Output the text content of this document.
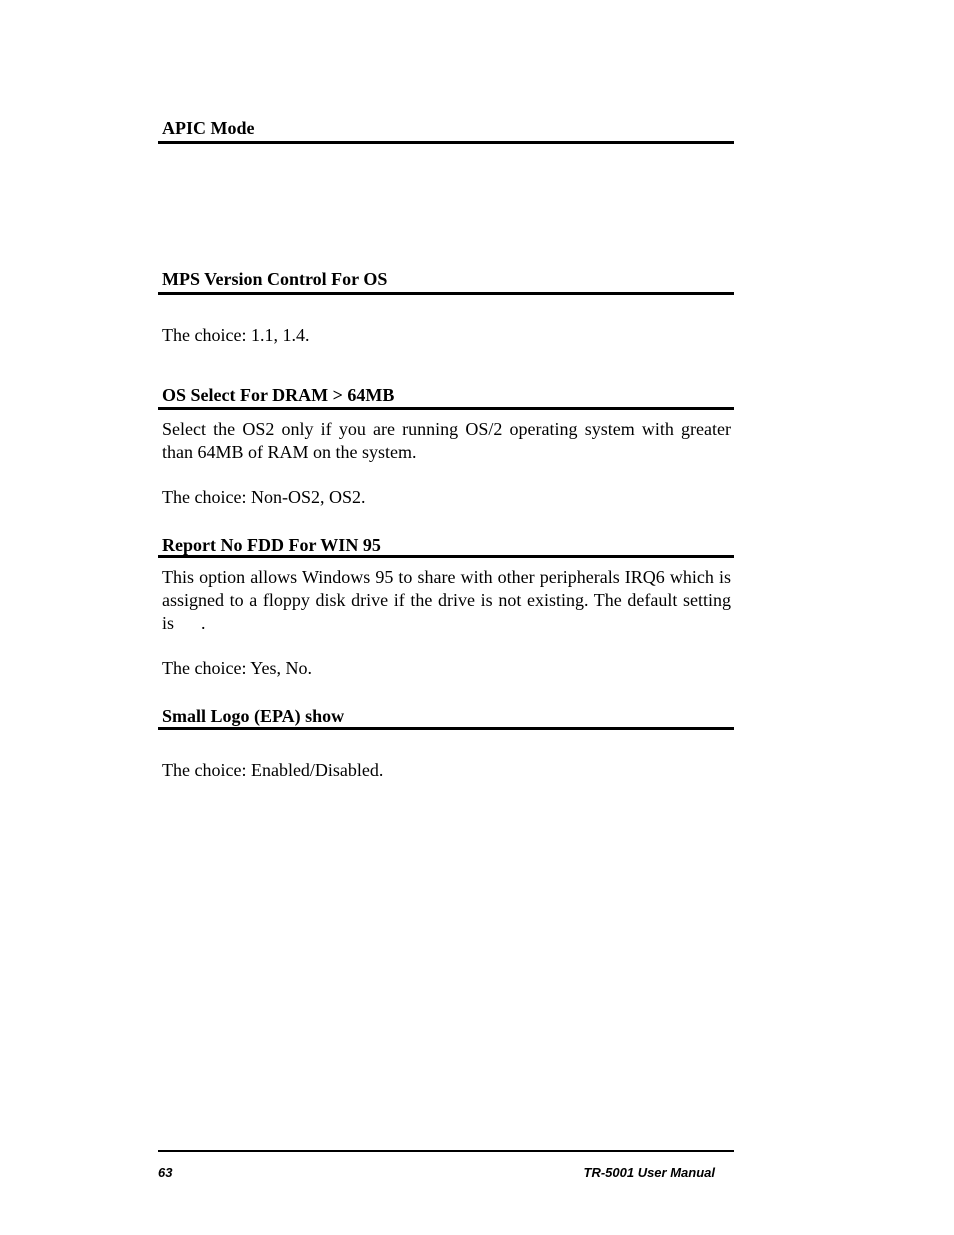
APIC Mode
MPS Version Control For OS
The choice: 1.1, 1.4.
OS Select For DRAM > 64MB
Select the OS2 only if you are running OS/2 operating system with greater than 64MB of RAM on the system.
The choice: Non-OS2, OS2.
Report No FDD For WIN 95
This option allows Windows 95 to share with other peripherals IRQ6 which is assigned to a floppy disk drive if the drive is not existing. The default setting is      .
The choice: Yes, No.
Small Logo (EPA) show
The choice: Enabled/Disabled.
63	TR-5001 User Manual
